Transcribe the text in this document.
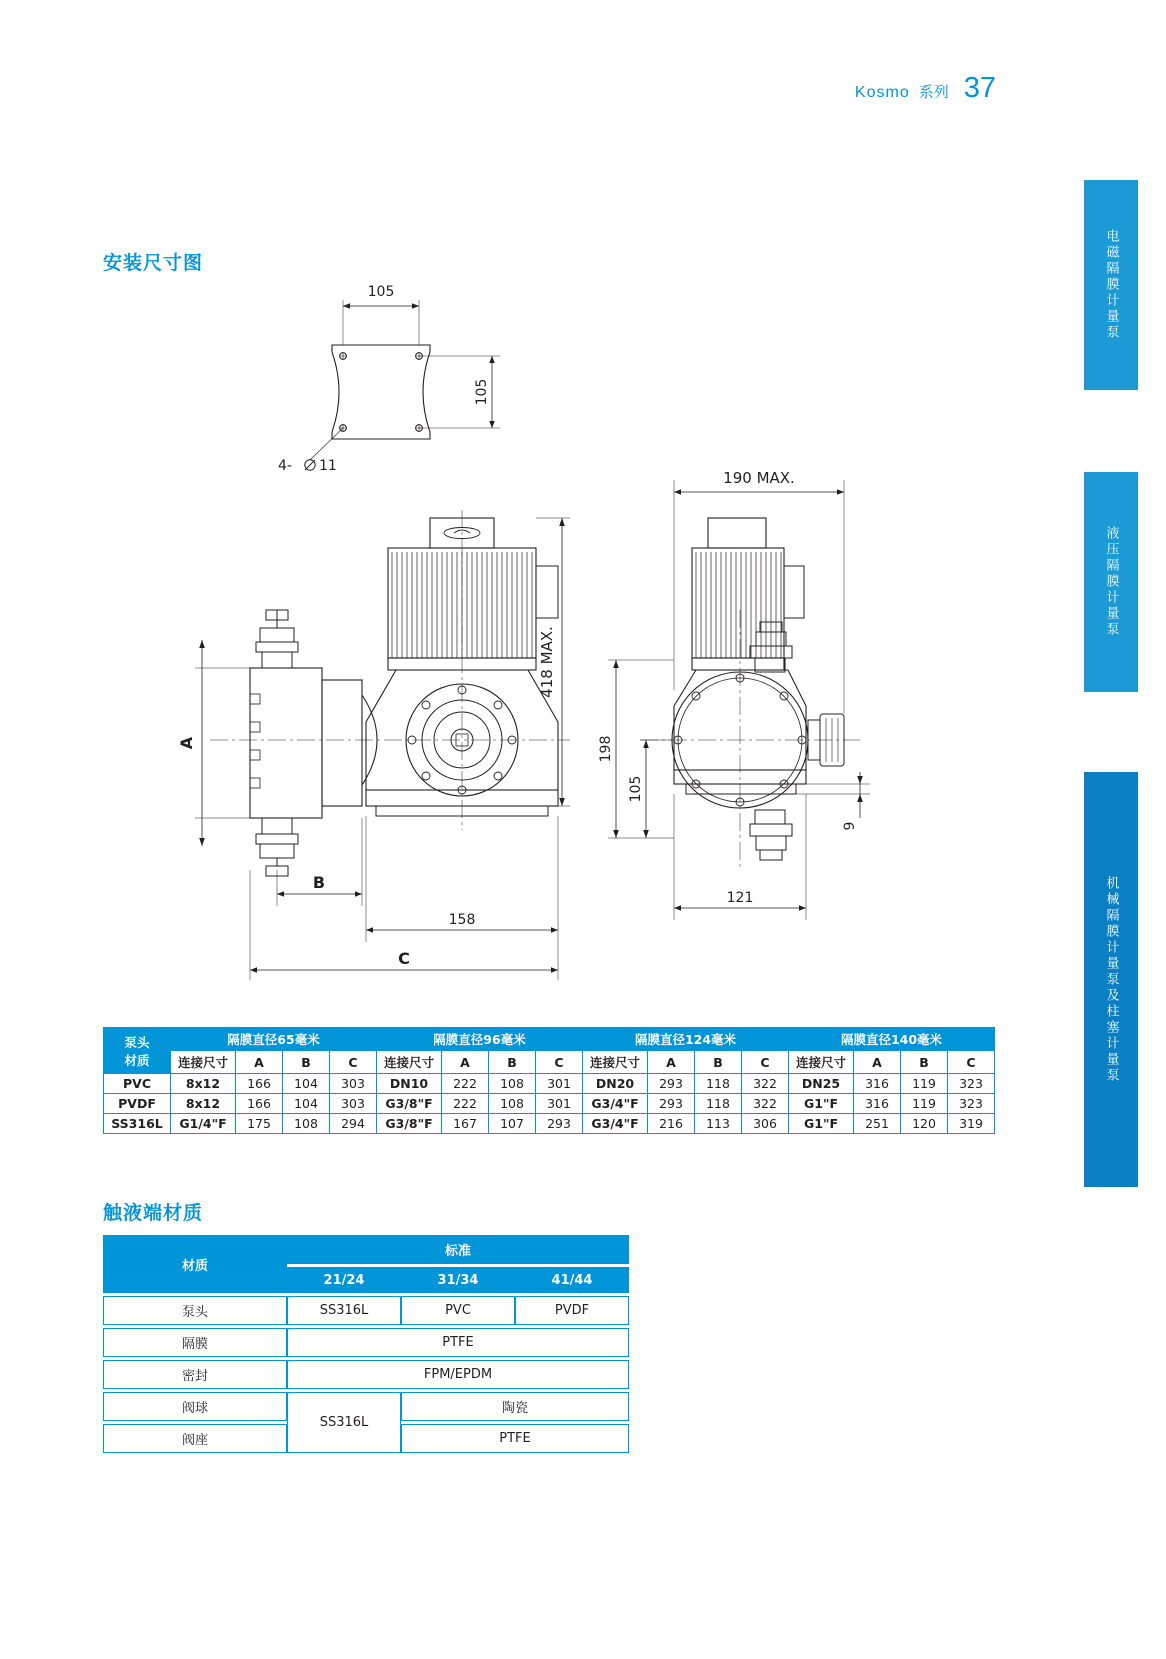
Kosmo 系列 37
电磁隔膜计量泵
液压隔膜计量泵
机械隔膜计量泵及柱塞计量泵
安装尺寸图
触液端材质
105
105
4- 11
418 MAX.
A
B
158
C
190 MAX.
198
105
9
121
泵头
材质	隔膜直径65毫米				隔膜直径96毫米				隔膜直径124毫米				隔膜直径140毫米			
	连接尺寸	A	B	C	连接尺寸	A	B	C	连接尺寸	A	B	C	连接尺寸	A	B	C
PVC	8x12	166	104	303	DN10	222	108	301	DN20	293	118	322	DN25	316	119	323
PVDF	8x12	166	104	303	G3/8"F	222	108	301	G3/4"F	293	118	322	G1"F	316	119	323
SS316L	G1/4"F	175	108	294	G3/8"F	167	107	293	G3/4"F	216	113	306	G1"F	251	120	319
材质	标准		
	21/24	31/34	41/44
泵头	SS316L	PVC	PVDF
隔膜	PTFE		
密封	FPM/EPDM		
阀球	SS316L	陶瓷	
阀座		PTFE	
